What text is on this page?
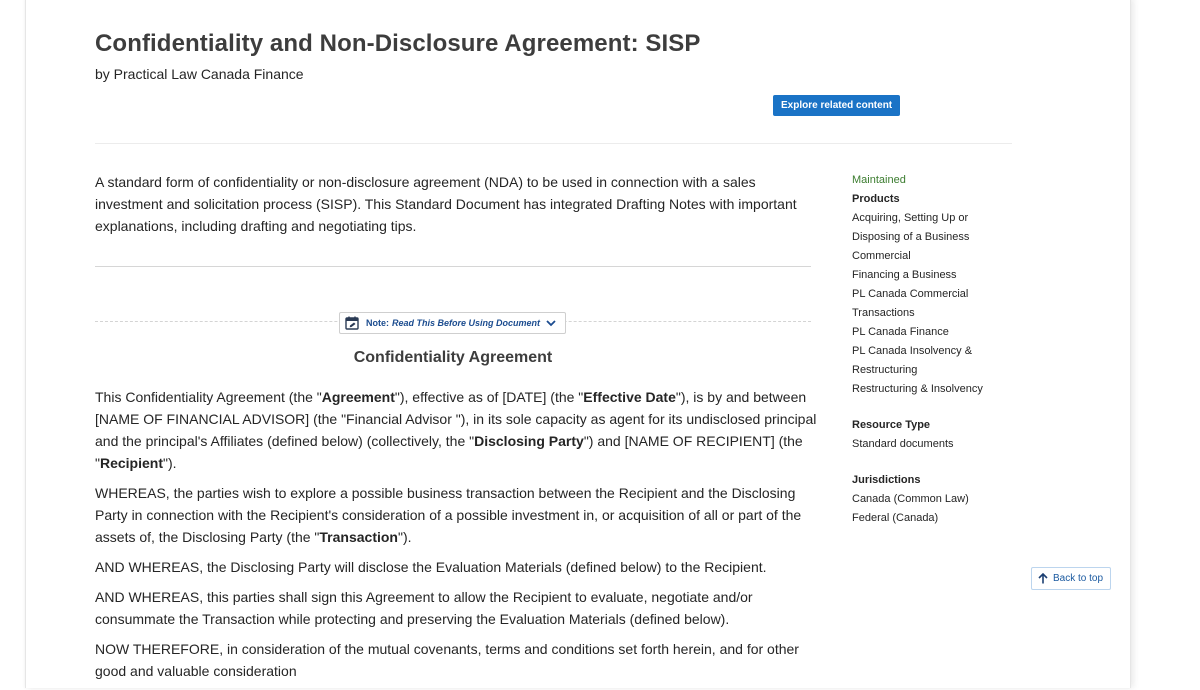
Confidentiality and Non-Disclosure Agreement: SISP
by Practical Law Canada Finance
Explore related content

A standard form of confidentiality or non-disclosure agreement (NDA) to be used in connection with a sales investment and solicitation process (SISP). This Standard Document has integrated Drafting Notes with important explanations, including drafting and negotiating tips.

Note: Read This Before Using Document
Confidentiality Agreement

This Confidentiality Agreement (the "Agreement"), effective as of [DATE] (the "Effective Date"), is by and between [NAME OF FINANCIAL ADVISOR] (the "Financial Advisor "), in its sole capacity as agent for its undisclosed principal and the principal's Affiliates (defined below) (collectively, the "Disclosing Party") and [NAME OF RECIPIENT] (the "Recipient").

WHEREAS, the parties wish to explore a possible business transaction between the Recipient and the Disclosing Party in connection with the Recipient's consideration of a possible investment in, or acquisition of all or part of the assets of, the Disclosing Party (the "Transaction").

AND WHEREAS, the Disclosing Party will disclose the Evaluation Materials (defined below) to the Recipient.

AND WHEREAS, this parties shall sign this Agreement to allow the Recipient to evaluate, negotiate and/or consummate the Transaction while protecting and preserving the Evaluation Materials (defined below).

NOW THEREFORE, in consideration of the mutual covenants, terms and conditions set forth herein, and for other good and valuable consideration

Maintained
Products
Acquiring, Setting Up or
Disposing of a Business
Commercial
Financing a Business
PL Canada Commercial
Transactions
PL Canada Finance
PL Canada Insolvency &
Restructuring
Restructuring & Insolvency
Resource Type
Standard documents
Jurisdictions
Canada (Common Law)
Federal (Canada)
Back to top
